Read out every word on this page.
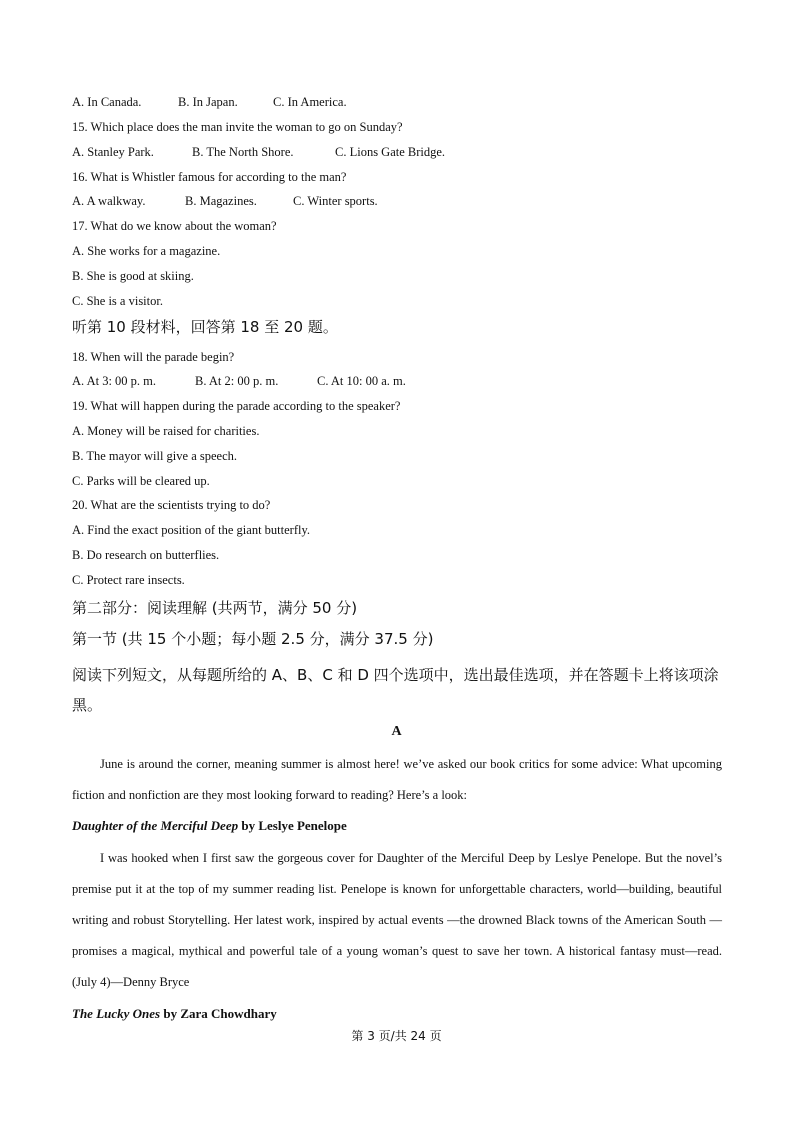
A. In Canada.	B. In Japan.	C. In America.
15. Which place does the man invite the woman to go on Sunday?
A. Stanley Park.	B. The North Shore.	C. Lions Gate Bridge.
16. What is Whistler famous for according to the man?
A. A walkway.	B. Magazines.	C. Winter sports.
17. What do we know about the woman?
A. She works for a magazine.
B. She is good at skiing.
C. She is a visitor.
听第 10 段材料，回答第 18 至 20 题。
18. When will the parade begin?
A. At 3: 00 p. m.	B. At 2: 00 p. m.	C. At 10: 00 a. m.
19. What will happen during the parade according to the speaker?
A. Money will be raised for charities.
B. The mayor will give a speech.
C. Parks will be cleared up.
20. What are the scientists trying to do?
A. Find the exact position of the giant butterfly.
B. Do research on butterflies.
C. Protect rare insects.
第二部分：阅读理解 (共两节，满分 50 分)
第一节 (共 15 个小题；每小题 2.5 分，满分 37.5 分)
阅读下列短文，从每题所给的 A、B、C 和 D 四个选项中，选出最佳选项，并在答题卡上将该项涂黑。
A
June is around the corner, meaning summer is almost here! we’ve asked our book critics for some advice: What upcoming fiction and nonfiction are they most looking forward to reading? Here’s a look:
Daughter of the Merciful Deep by Leslye Penelope
I was hooked when I first saw the gorgeous cover for Daughter of the Merciful Deep by Leslye Penelope. But the novel’s premise put it at the top of my summer reading list. Penelope is known for unforgettable characters, world—building, beautiful writing and robust Storytelling. Her latest work, inspired by actual events —the drowned Black towns of the American South —promises a magical, mythical and powerful tale of a young woman’s quest to save her town. A historical fantasy must—read. (July 4)—Denny Bryce
The Lucky Ones by Zara Chowdhary
第 3 页/共 24 页
